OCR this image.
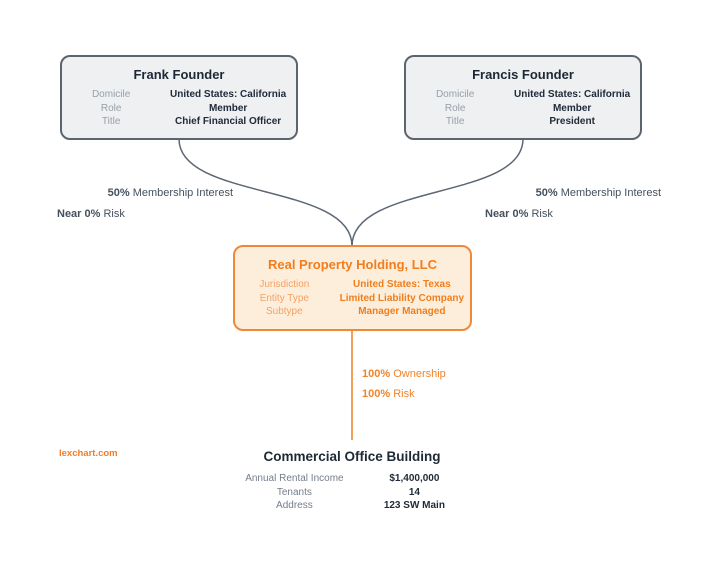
Frank Founder
Domicile	United States: California
Role	Member
Title	Chief Financial Officer
Francis Founder
Domicile	United States: California
Role	Member
Title	President
50% Membership Interest
Near 0% Risk
50% Membership Interest
Near 0% Risk
Real Property Holding, LLC
Jurisdiction	United States: Texas
Entity Type	Limited Liability Company
Subtype	Manager Managed
100% Ownership
100% Risk
lexchart.com	Commercial Office Building
Annual Rental Income	$1,400,000
Tenants	14
Address	123 SW Main
